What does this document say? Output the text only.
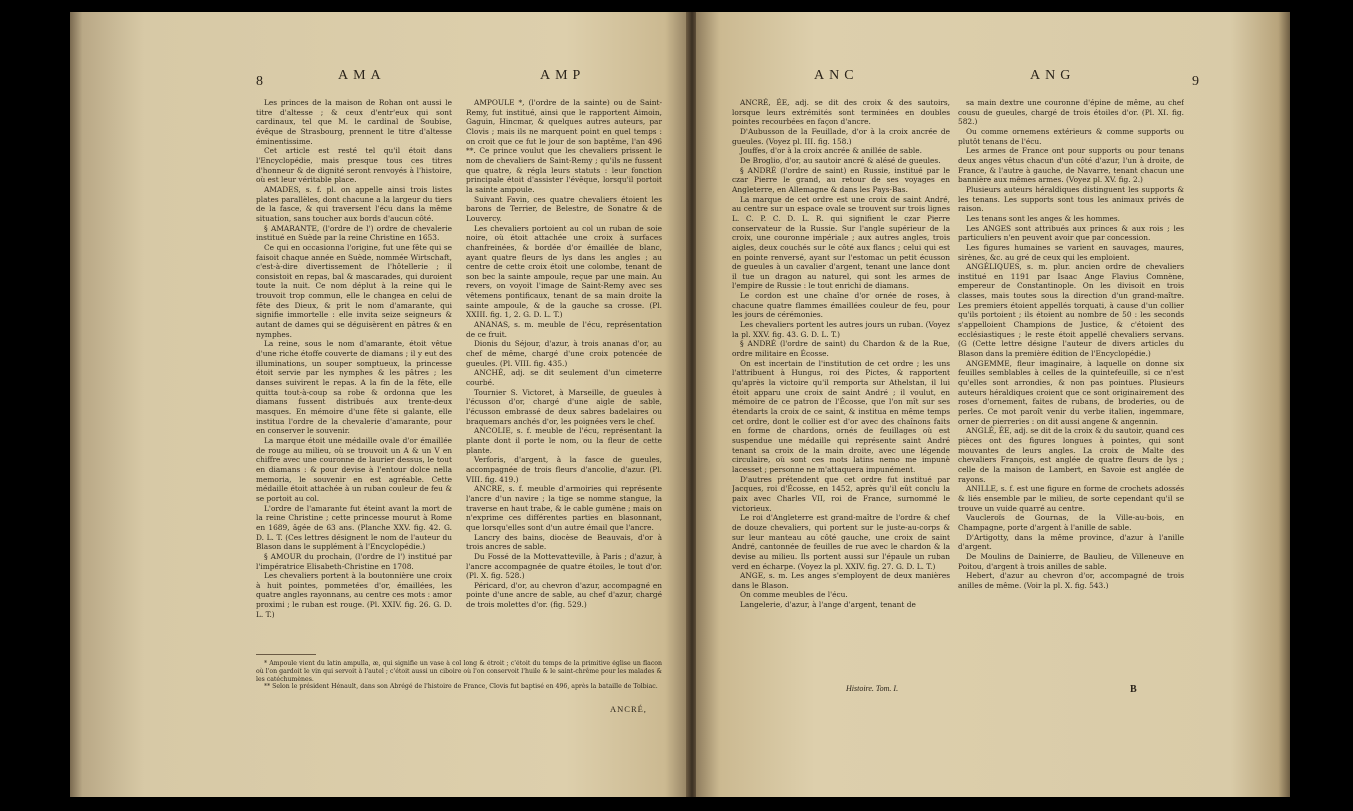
8	AMA	AMP

Les princes de la maison de Rohan ont aussi le titre d'altesse ; & ceux d'entr'eux qui sont cardinaux, tel que M. le cardinal de Soubise, évêque de Strasbourg, prennent le titre d'altesse éminentissime.

Cet article est resté tel qu'il étoit dans l'Encyclopédie, mais presque tous ces titres d'honneur & de dignité seront renvoyés à l'histoire, où est leur véritable place.

AMADES, s. f. pl. on appelle ainsi trois listes plates parallèles, dont chacune a la largeur du tiers de la fasce, & qui traversent l'écu dans la même situation, sans toucher aux bords d'aucun côté.

§ AMARANTE, (l'ordre de l') ordre de chevalerie institué en Suède par la reine Christine en 1653.

Ce qui en occasionna l'origine, fut une fête qui se faisoit chaque année en Suède, nommée Wirtschaft, c'est-à-dire divertissement de l'hôtellerie ; il consistoit en repas, bal & mascarades, qui duroient toute la nuit. Ce nom déplut à la reine qui le trouvoit trop commun, elle le changea en celui de fête des Dieux, & prit le nom d'amarante, qui signifie immortelle : elle invita seize seigneurs & autant de dames qui se déguisèrent en pâtres & en nymphes.

La reine, sous le nom d'amarante, étoit vêtue d'une riche étoffe couverte de diamans ; il y eut des illuminations, un souper somptueux, la princesse étoit servie par les nymphes & les pâtres ; les danses suivirent le repas. A la fin de la fête, elle quitta tout-à-coup sa robe & ordonna que les diamans fussent distribués aux trente-deux masques. En mémoire d'une fête si galante, elle institua l'ordre de la chevalerie d'amarante, pour en conserver le souvenir.

La marque étoit une médaille ovale d'or émaillée de rouge au milieu, où se trouvoit un A & un V en chiffre avec une couronne de laurier dessus, le tout en diamans : & pour devise à l'entour dolce nella memoria, le souvenir en est agréable. Cette médaille étoit attachée à un ruban couleur de feu & se portoit au col.

L'ordre de l'amarante fut éteint avant la mort de la reine Christine ; cette princesse mourut à Rome en 1689, âgée de 63 ans. (Planche XXV. fig. 42. G. D. L. T. (Ces lettres désignent le nom de l'auteur du Blason dans le supplément à l'Encyclopédie.)

§ AMOUR du prochain, (l'ordre de l') institué par l'impératrice Elisabeth-Christine en 1708.

Les chevaliers portent à la boutonnière une croix à huit pointes, pommetées d'or, émaillées, les quatre angles rayonnans, au centre ces mots : amor proximi ; le ruban est rouge. (Pl. XXIV. fig. 26. G. D. L. T.)

AMPOULE *, (l'ordre de la sainte) ou de Saint-Remy, fut institué, ainsi que le rapportent Aimoin, Gaguin, Hincmar, & quelques autres auteurs, par Clovis ; mais ils ne marquent point en quel temps : on croit que ce fut le jour de son baptême, l'an 496 **. Ce prince voulut que les chevaliers prissent le nom de chevaliers de Saint-Remy ; qu'ils ne fussent que quatre, & régla leurs statuts : leur fonction principale étoit d'assister l'évêque, lorsqu'il portoit la sainte ampoule.

Suivant Favin, ces quatre chevaliers étoient les barons de Terrier, de Belestre, de Sonatre & de Louvercy.

Les chevaliers portoient au col un ruban de soie noire, où étoit attachée une croix à surfaces chanfreinées, & bordée d'or émaillée de blanc, ayant quatre fleurs de lys dans les angles ; au centre de cette croix étoit une colombe, tenant de son bec la sainte ampoule, reçue par une main. Au revers, on voyoit l'image de Saint-Remy avec ses vêtemens pontificaux, tenant de sa main droite la sainte ampoule, & de la gauche sa crosse. (Pl. XXIII. fig. 1, 2. G. D. L. T.)

ANANAS, s. m. meuble de l'écu, représentation de ce fruit.

Dionis du Séjour, d'azur, à trois ananas d'or, au chef de même, chargé d'une croix potencée de gueules. (Pl. VIII. fig. 435.)

ANCHÉ, adj. se dit seulement d'un cimeterre courbé.

Tournier S. Victoret, à Marseille, de gueules à l'écusson d'or, chargé d'une aigle de sable, l'écusson embrassé de deux sabres badelaires ou braquemars anchés d'or, les poignées vers le chef.

ANCOLIE, s. f. meuble de l'écu, représentant la plante dont il porte le nom, ou la fleur de cette plante.

Verforis, d'argent, à la fasce de gueules, accompagnée de trois fleurs d'ancolie, d'azur. (Pl. VIII. fig. 419.)

ANCRE, s. f. meuble d'armoiries qui représente l'ancre d'un navire ; la tige se nomme stangue, la traverse en haut trabe, & le cable gumène ; mais on n'exprime ces différentes parties en blasonnant, que lorsqu'elles sont d'un autre émail que l'ancre.

Lancry des bains, diocèse de Beauvais, d'or à trois ancres de sable.

Du Fossé de la Mottevatteville, à Paris ; d'azur, à l'ancre accompagnée de quatre étoiles, le tout d'or. (Pl. X. fig. 528.)

Péricard, d'or, au chevron d'azur, accompagné en pointe d'une ancre de sable, au chef d'azur, chargé de trois molettes d'or. (fig. 529.)

* Ampoule vient du latin ampulla, æ, qui signifie un vase à col long & étroit ; c'étoit du temps de la primitive église un flacon où l'on gardoit le vin qui servoit à l'autel ; c'étoit aussi un ciboire où l'on conservoit l'huile & le saint-chrême pour les malades & les catéchumènes.

** Selon le président Hénault, dans son Abrégé de l'histoire de France, Clovis fut baptisé en 496, après la bataille de Tolbiac.

ANCRÉ,
ANC	ANG	9

ANCRÉ, ÉE, adj. se dit des croix & des sautoirs, lorsque leurs extrémités sont terminées en doubles pointes recourbées en façon d'ancre.

D'Aubusson de la Feuillade, d'or à la croix ancrée de gueules. (Voyez pl. III. fig. 158.)

Jouffes, d'or à la croix ancrée & anillée de sable.

De Broglio, d'or, au sautoir ancré & alésé de gueules.

§ ANDRÉ (l'ordre de saint) en Russie, institué par le czar Pierre le grand, au retour de ses voyages en Angleterre, en Allemagne & dans les Pays-Bas.

La marque de cet ordre est une croix de saint André, au centre sur un espace ovale se trouvent sur trois lignes L. C. P. C. D. L. R. qui signifient le czar Pierre conservateur de la Russie. Sur l'angle supérieur de la croix, une couronne impériale ; aux autres angles, trois aigles, deux couchés sur le côté aux flancs ; celui qui est en pointe renversé, ayant sur l'estomac un petit écusson de gueules à un cavalier d'argent, tenant une lance dont il tue un dragon au naturel, qui sont les armes de l'empire de Russie : le tout enrichi de diamans.

Le cordon est une chaîne d'or ornée de roses, à chacune quatre flammes émaillées couleur de feu, pour les jours de cérémonies.

Les chevaliers portent les autres jours un ruban. (Voyez la pl. XXV. fig. 43. G. D. L. T.)

§ ANDRÉ (l'ordre de saint) du Chardon & de la Rue, ordre militaire en Écosse.

On est incertain de l'institution de cet ordre ; les uns l'attribuent à Hungus, roi des Pictes, & rapportent qu'après la victoire qu'il remporta sur Athelstan, il lui étoit apparu une croix de saint André ; il voulut, en mémoire de ce patron de l'Écosse, que l'on mît sur ses étendarts la croix de ce saint, & institua en même temps cet ordre, dont le collier est d'or avec des chaînons faits en forme de chardons, ornés de feuillages où est suspendue une médaille qui représente saint André tenant sa croix de la main droite, avec une légende circulaire, où sont ces mots latins nemo me impunè lacesset ; personne ne m'attaquera impunément.

D'autres prétendent que cet ordre fut institué par Jacques, roi d'Écosse, en 1452, après qu'il eût conclu la paix avec Charles VII, roi de France, surnommé le victorieux.

Le roi d'Angleterre est grand-maître de l'ordre & chef de douze chevaliers, qui portent sur le juste-au-corps & sur leur manteau au côté gauche, une croix de saint André, cantonnée de feuilles de rue avec le chardon & la devise au milieu. Ils portent aussi sur l'épaule un ruban verd en écharpe. (Voyez la pl. XXIV. fig. 27. G. D. L. T.)

ANGE, s. m. Les anges s'employent de deux manières dans le Blason.

On comme meubles de l'écu.

Langelerie, d'azur, à l'ange d'argent, tenant de

sa main dextre une couronne d'épine de même, au chef cousu de gueules, chargé de trois étoiles d'or. (Pl. XI. fig. 582.)

Ou comme ornemens extérieurs & comme supports ou plutôt tenans de l'écu.

Les armes de France ont pour supports ou pour tenans deux anges vêtus chacun d'un côté d'azur, l'un à droite, de France, & l'autre à gauche, de Navarre, tenant chacun une bannière aux mêmes armes. (Voyez pl. XV. fig. 2.)

Plusieurs auteurs héraldiques distinguent les supports & les tenans. Les supports sont tous les animaux privés de raison.

Les tenans sont les anges & les hommes.

Les ANGES sont attribués aux princes & aux rois ; les particuliers n'en peuvent avoir que par concession.

Les figures humaines se varient en sauvages, maures, sirènes, &c. au gré de ceux qui les emploient.

ANGÉLIQUES, s. m. plur. ancien ordre de chevaliers institué en 1191 par Isaac Ange Flavius Comnène, empereur de Constantinople. On les divisoit en trois classes, mais toutes sous la direction d'un grand-maître. Les premiers étoient appellés torquati, à cause d'un collier qu'ils portoient ; ils étoient au nombre de 50 : les seconds s'appelloient Champions de Justice, & c'étoient des ecclésiastiques ; le reste étoit appellé chevaliers servans. (G (Cette lettre désigne l'auteur de divers articles du Blason dans la première édition de l'Encyclopédie.)

ANGEMME, fleur imaginaire, à laquelle on donne six feuilles semblables à celles de la quintefeuille, si ce n'est qu'elles sont arrondies, & non pas pointues. Plusieurs auteurs héraldiques croient que ce sont originairement des roses d'ornement, faites de rubans, de broderies, ou de perles. Ce mot paroît venir du verbe italien, ingemmare, orner de pierreries : on dit aussi angene & angennin.

ANGLÉ, ÉE, adj. se dit de la croix & du sautoir, quand ces pièces ont des figures longues à pointes, qui sont mouvantes de leurs angles. La croix de Malte des chevaliers François, est anglée de quatre fleurs de lys ; celle de la maison de Lambert, en Savoie est anglée de rayons.

ANILLE, s. f. est une figure en forme de crochets adossés & liés ensemble par le milieu, de sorte cependant qu'il se trouve un vuide quarré au centre.

Vaucleroïs de Gournas, de la Ville-au-bois, en Champagne, porte d'argent à l'anille de sable.

D'Artigotty, dans la même province, d'azur à l'anille d'argent.

De Moulins de Dainierre, de Baulieu, de Villeneuve en Poitou, d'argent à trois anilles de sable.

Hebert, d'azur au chevron d'or, accompagné de trois anilles de même. (Voir la pl. X. fig. 543.)

Histoire. Tom. I.	B
